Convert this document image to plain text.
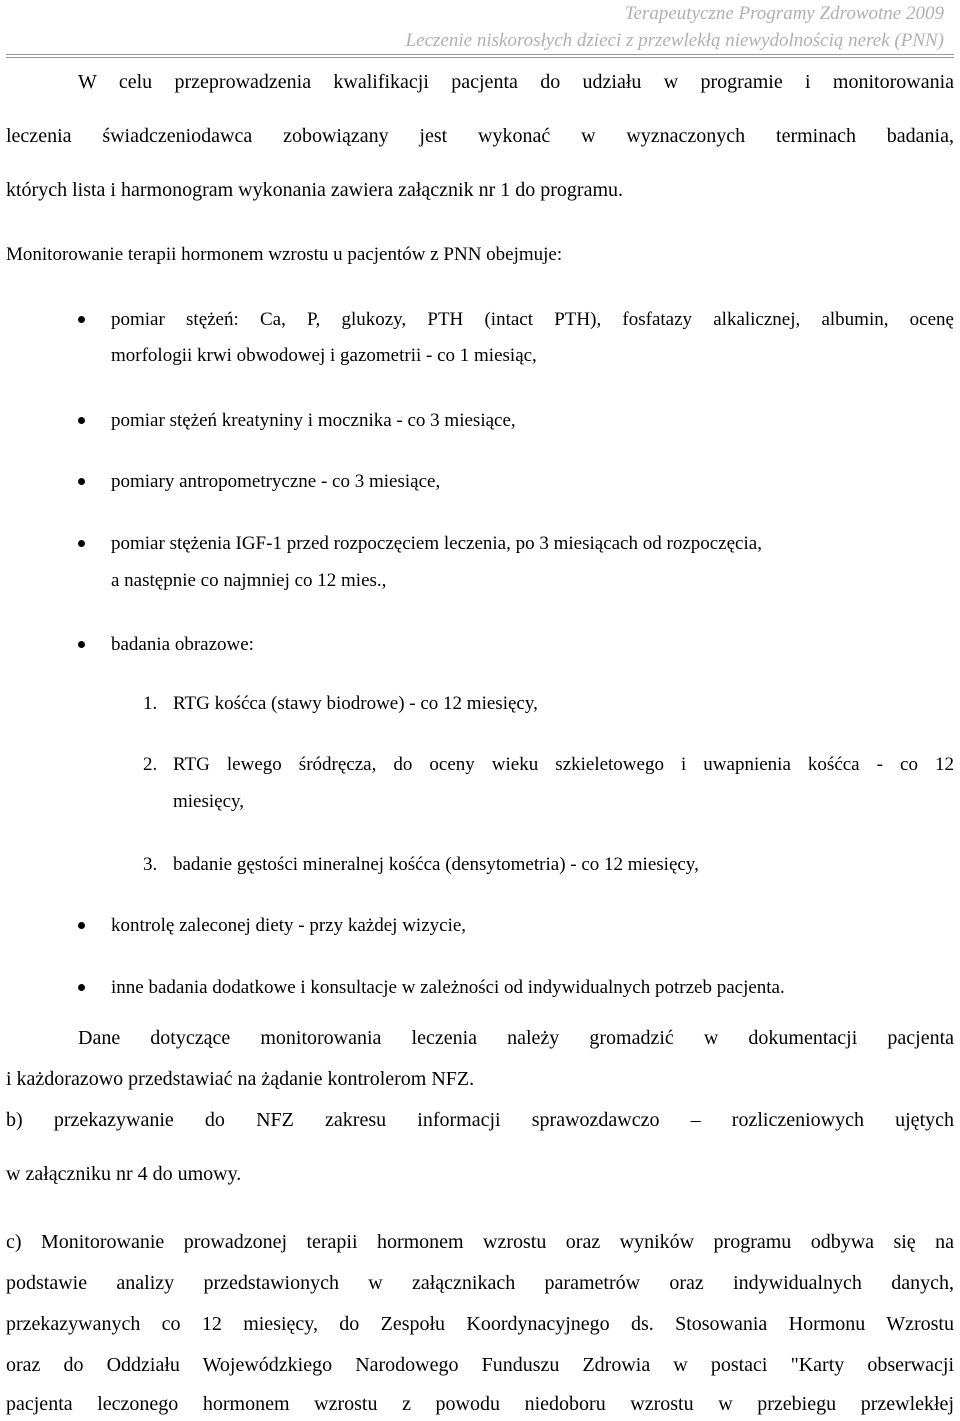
Terapeutyczne Programy Zdrowotne 2009
Leczenie niskorosłych dzieci z przewlekłą niewydolnością nerek (PNN)
W celu przeprowadzenia kwalifikacji pacjenta do udziału w programie i monitorowania
leczenia świadczeniodawca zobowiązany jest wykonać w wyznaczonych terminach badania,
których lista i harmonogram wykonania zawiera załącznik nr 1 do programu.
Monitorowanie terapii hormonem wzrostu u pacjentów z PNN obejmuje:
pomiar stężeń: Ca, P, glukozy, PTH (intact PTH), fosfatazy alkalicznej, albumin, ocenę
morfologii krwi obwodowej i gazometrii - co 1 miesiąc,
pomiar stężeń kreatyniny i mocznika - co 3 miesiące,
pomiary antropometryczne - co 3 miesiące,
pomiar stężenia IGF-1 przed rozpoczęciem leczenia, po 3 miesiącach od rozpoczęcia,
a następnie co najmniej co 12 mies.,
badania obrazowe:
1. RTG kośćca (stawy biodrowe) - co 12 miesięcy,
2. RTG lewego śródręcza, do oceny wieku szkieletowego i uwapnienia kośćca - co 12
miesięcy,
3. badanie gęstości mineralnej kośćca (densytometria) - co 12 miesięcy,
kontrolę zaleconej diety - przy każdej wizycie,
inne badania dodatkowe i konsultacje w zależności od indywidualnych potrzeb pacjenta.
Dane dotyczące monitorowania leczenia należy gromadzić w dokumentacji pacjenta
i każdorazowo przedstawiać na żądanie kontrolerom NFZ.
b) przekazywanie do NFZ zakresu informacji sprawozdawczo – rozliczeniowych ujętych
w załączniku nr 4 do umowy.
c) Monitorowanie prowadzonej terapii hormonem wzrostu oraz wyników programu odbywa się na
podstawie analizy przedstawionych w załącznikach parametrów oraz indywidualnych danych,
przekazywanych co 12 miesięcy, do Zespołu Koordynacyjnego ds. Stosowania Hormonu Wzrostu
oraz do Oddziału Wojewódzkiego Narodowego Funduszu Zdrowia w postaci "Karty obserwacji
pacjenta leczonego hormonem wzrostu z powodu niedoboru wzrostu w przebiegu przewlekłej
